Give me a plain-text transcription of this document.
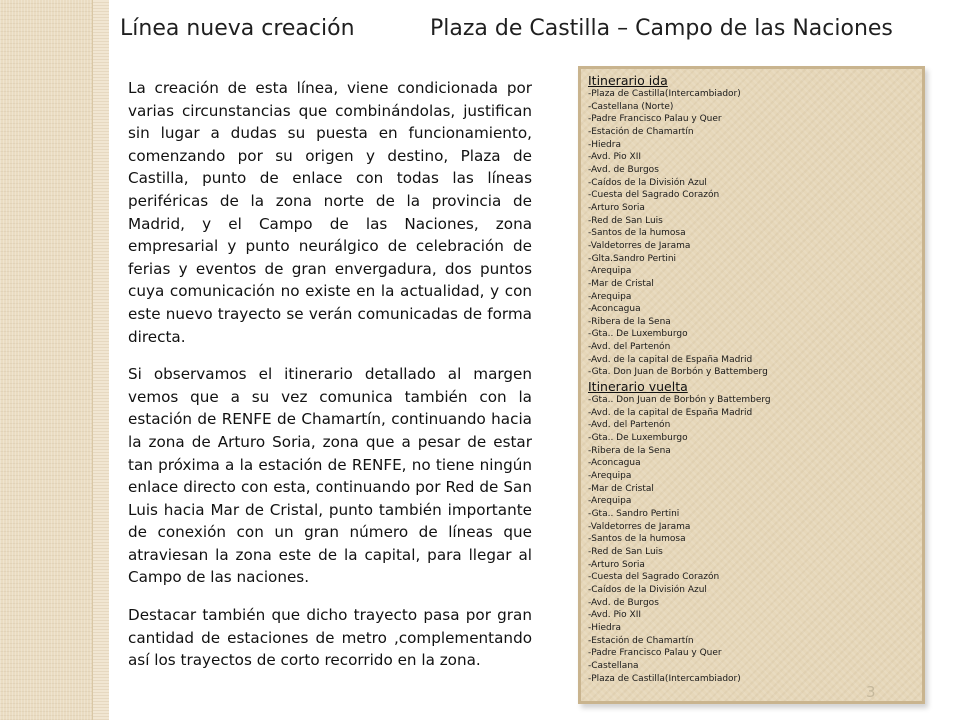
Línea nueva creación	Plaza de Castilla – Campo de las Naciones

La creación de esta línea, viene condicionada por varias circunstancias que combinándolas, justifican sin lugar a dudas su puesta en funcionamiento, comenzando por su origen y destino, Plaza de Castilla, punto de enlace con todas las líneas periféricas de la zona norte de la provincia de Madrid, y el Campo de las Naciones, zona empresarial y punto neurálgico de celebración de ferias y eventos de gran envergadura, dos puntos cuya comunicación no existe en la actualidad, y con este nuevo trayecto se verán comunicadas de forma directa.

Si observamos el itinerario detallado al margen vemos que a su vez comunica también con la estación de RENFE de Chamartín, continuando hacia la zona de Arturo Soria, zona que a pesar de estar tan próxima a la estación de RENFE, no tiene ningún enlace directo con esta, continuando por Red de San Luis hacia Mar de Cristal, punto también importante de conexión con un gran número de líneas que atraviesan la zona este de la capital, para llegar al Campo de las naciones.

Destacar también que dicho trayecto pasa por gran cantidad de estaciones de metro ,complementando así los trayectos de corto recorrido en la zona.

Itinerario ida
-Plaza de Castilla(Intercambiador)
-Castellana (Norte)
-Padre Francisco Palau y Quer
-Estación de Chamartín
-Hiedra
-Avd. Pio XII
-Avd. de Burgos
-Caídos de la División Azul
-Cuesta del Sagrado Corazón
-Arturo Soria
-Red de San Luis
-Santos de la humosa
-Valdetorres de Jarama
-Glta.Sandro Pertini
-Arequipa
-Mar de Cristal
-Arequipa
-Aconcagua
-Ribera de la Sena
-Gta.. De Luxemburgo
-Avd. del Partenón
-Avd. de la capital de España Madrid
-Gta. Don Juan de Borbón y Battemberg
Itinerario vuelta
-Gta.. Don Juan de Borbón y Battemberg
-Avd. de la capital de España Madrid
-Avd. del Partenón
-Gta.. De Luxemburgo
-Ribera de la Sena
-Aconcagua
-Arequipa
-Mar de Cristal
-Arequipa
-Gta.. Sandro Pertini
-Valdetorres de Jarama
-Santos de la humosa
-Red de San Luis
-Arturo Soria
-Cuesta del Sagrado Corazón
-Caídos de la División Azul
-Avd. de Burgos
-Avd. Pio XII
-Hiedra
-Estación de Chamartín
-Padre Francisco Palau y Quer
-Castellana
-Plaza de Castilla(Intercambiador)
3
